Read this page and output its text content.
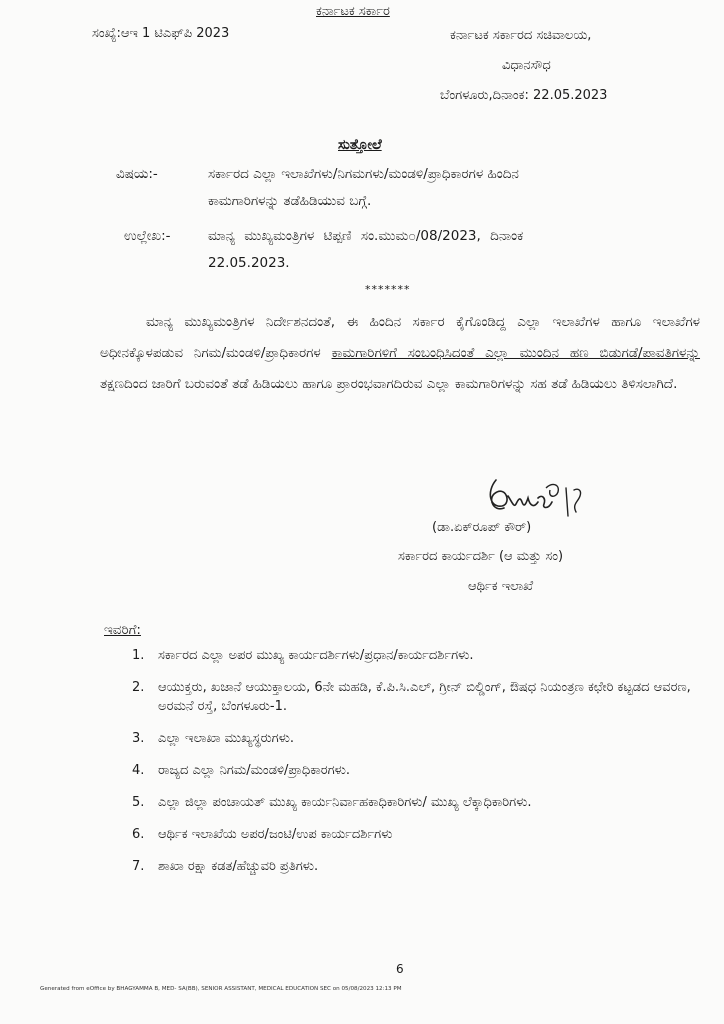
ಕರ್ನಾಟಕ ಸರ್ಕಾರ
ಸಂಖ್ಯೆ:ಆಇ 1 ಟಿಎಫ್‌ಪಿ 2023	ಕರ್ನಾಟಕ ಸರ್ಕಾರದ ಸಚಿವಾಲಯ,
ವಿಧಾನಸೌಧ
ಬೆಂಗಳೂರು,ದಿನಾಂಕ: 22.05.2023
ಸುತ್ತೋಲೆ
ವಿಷಯ:-	ಸರ್ಕಾರದ ಎಲ್ಲಾ ಇಲಾಖೆಗಳು/ನಿಗಮಗಳು/ಮಂಡಳಿ/ಪ್ರಾಧಿಕಾರಗಳ ಹಿಂದಿನ
ಕಾಮಗಾರಿಗಳನ್ನು ತಡೆಹಿಡಿಯುವ ಬಗ್ಗೆ.
ಉಲ್ಲೇಖ:-	ಮಾನ್ಯ ಮುಖ್ಯಮಂತ್ರಿಗಳ ಟಿಪ್ಪಣಿ ಸಂ.ಮುಮ೦/08/2023, ದಿನಾಂಕ
22.05.2023.
*******

ಮಾನ್ಯ ಮುಖ್ಯಮಂತ್ರಿಗಳ ನಿರ್ದೇಶನದಂತೆ, ಈ ಹಿಂದಿನ ಸರ್ಕಾರ ಕೈಗೊಂಡಿದ್ದ ಎಲ್ಲಾ ಇಲಾಖೆಗಳ ಹಾಗೂ ಇಲಾಖೆಗಳ ಅಧೀನಕ್ಕೊಳಪಡುವ ನಿಗಮ/ಮಂಡಳಿ/ಪ್ರಾಧಿಕಾರಗಳ ಕಾಮಗಾರಿಗಳಿಗೆ ಸಂಬಂಧಿಸಿದಂತೆ ಎಲ್ಲಾ ಮುಂದಿನ ಹಣ ಬಿಡುಗಡೆ/ಪಾವತಿಗಳನ್ನು ತಕ್ಷಣದಿಂದ ಜಾರಿಗೆ ಬರುವಂತೆ ತಡೆ ಹಿಡಿಯಲು ಹಾಗೂ ಪ್ರಾರಂಭವಾಗದಿರುವ ಎಲ್ಲಾ ಕಾಮಗಾರಿಗಳನ್ನು ಸಹ ತಡೆ ಹಿಡಿಯಲು ತಿಳಿಸಲಾಗಿದೆ.

(ಡಾ.ಏಕ್‌ರೂಪ್ ಕೌರ್)
ಸರ್ಕಾರದ ಕಾರ್ಯದರ್ಶಿ (ಆ ಮತ್ತು ಸಂ)
ಆರ್ಥಿಕ ಇಲಾಖೆ
ಇವರಿಗೆ:
1. ಸರ್ಕಾರದ ಎಲ್ಲಾ ಅಪರ ಮುಖ್ಯ ಕಾರ್ಯದರ್ಶಿಗಳು/ಪ್ರಧಾನ/ಕಾರ್ಯದರ್ಶಿಗಳು.
2. ಆಯುಕ್ತರು, ಖಜಾನೆ ಆಯುಕ್ತಾಲಯ, 6ನೇ ಮಹಡಿ, ಕೆ.ಪಿ.ಸಿ.ಎಲ್, ಗ್ರೀನ್ ಬಿಲ್ಡಿಂಗ್, ಔಷಧ ನಿಯಂತ್ರಣ ಕಛೇರಿ ಕಟ್ಟಡದ ಆವರಣ, ಅರಮನೆ ರಸ್ತೆ, ಬೆಂಗಳೂರು-1.
3. ಎಲ್ಲಾ ಇಲಾಖಾ ಮುಖ್ಯಸ್ಥರುಗಳು.
4. ರಾಜ್ಯದ ಎಲ್ಲಾ ನಿಗಮ/ಮಂಡಳಿ/ಪ್ರಾಧಿಕಾರಗಳು.
5. ಎಲ್ಲಾ ಜಿಲ್ಲಾ ಪಂಚಾಯತ್ ಮುಖ್ಯ ಕಾರ್ಯನಿರ್ವಾಹಕಾಧಿಕಾರಿಗಳು/ ಮುಖ್ಯ ಲೆಕ್ಕಾಧಿಕಾರಿಗಳು.
6. ಆರ್ಥಿಕ ಇಲಾಖೆಯ ಅಪರ/ಜಂಟಿ/ಉಪ ಕಾರ್ಯದರ್ಶಿಗಳು
7. ಶಾಖಾ ರಕ್ಷಾ ಕಡತ/ಹೆಚ್ಚುವರಿ ಪ್ರತಿಗಳು.
6
Generated from eOffice by BHAGYAMMA B, MED- SA(BB), SENIOR ASSISTANT, MEDICAL EDUCATION SEC on 05/08/2023 12:13 PM
